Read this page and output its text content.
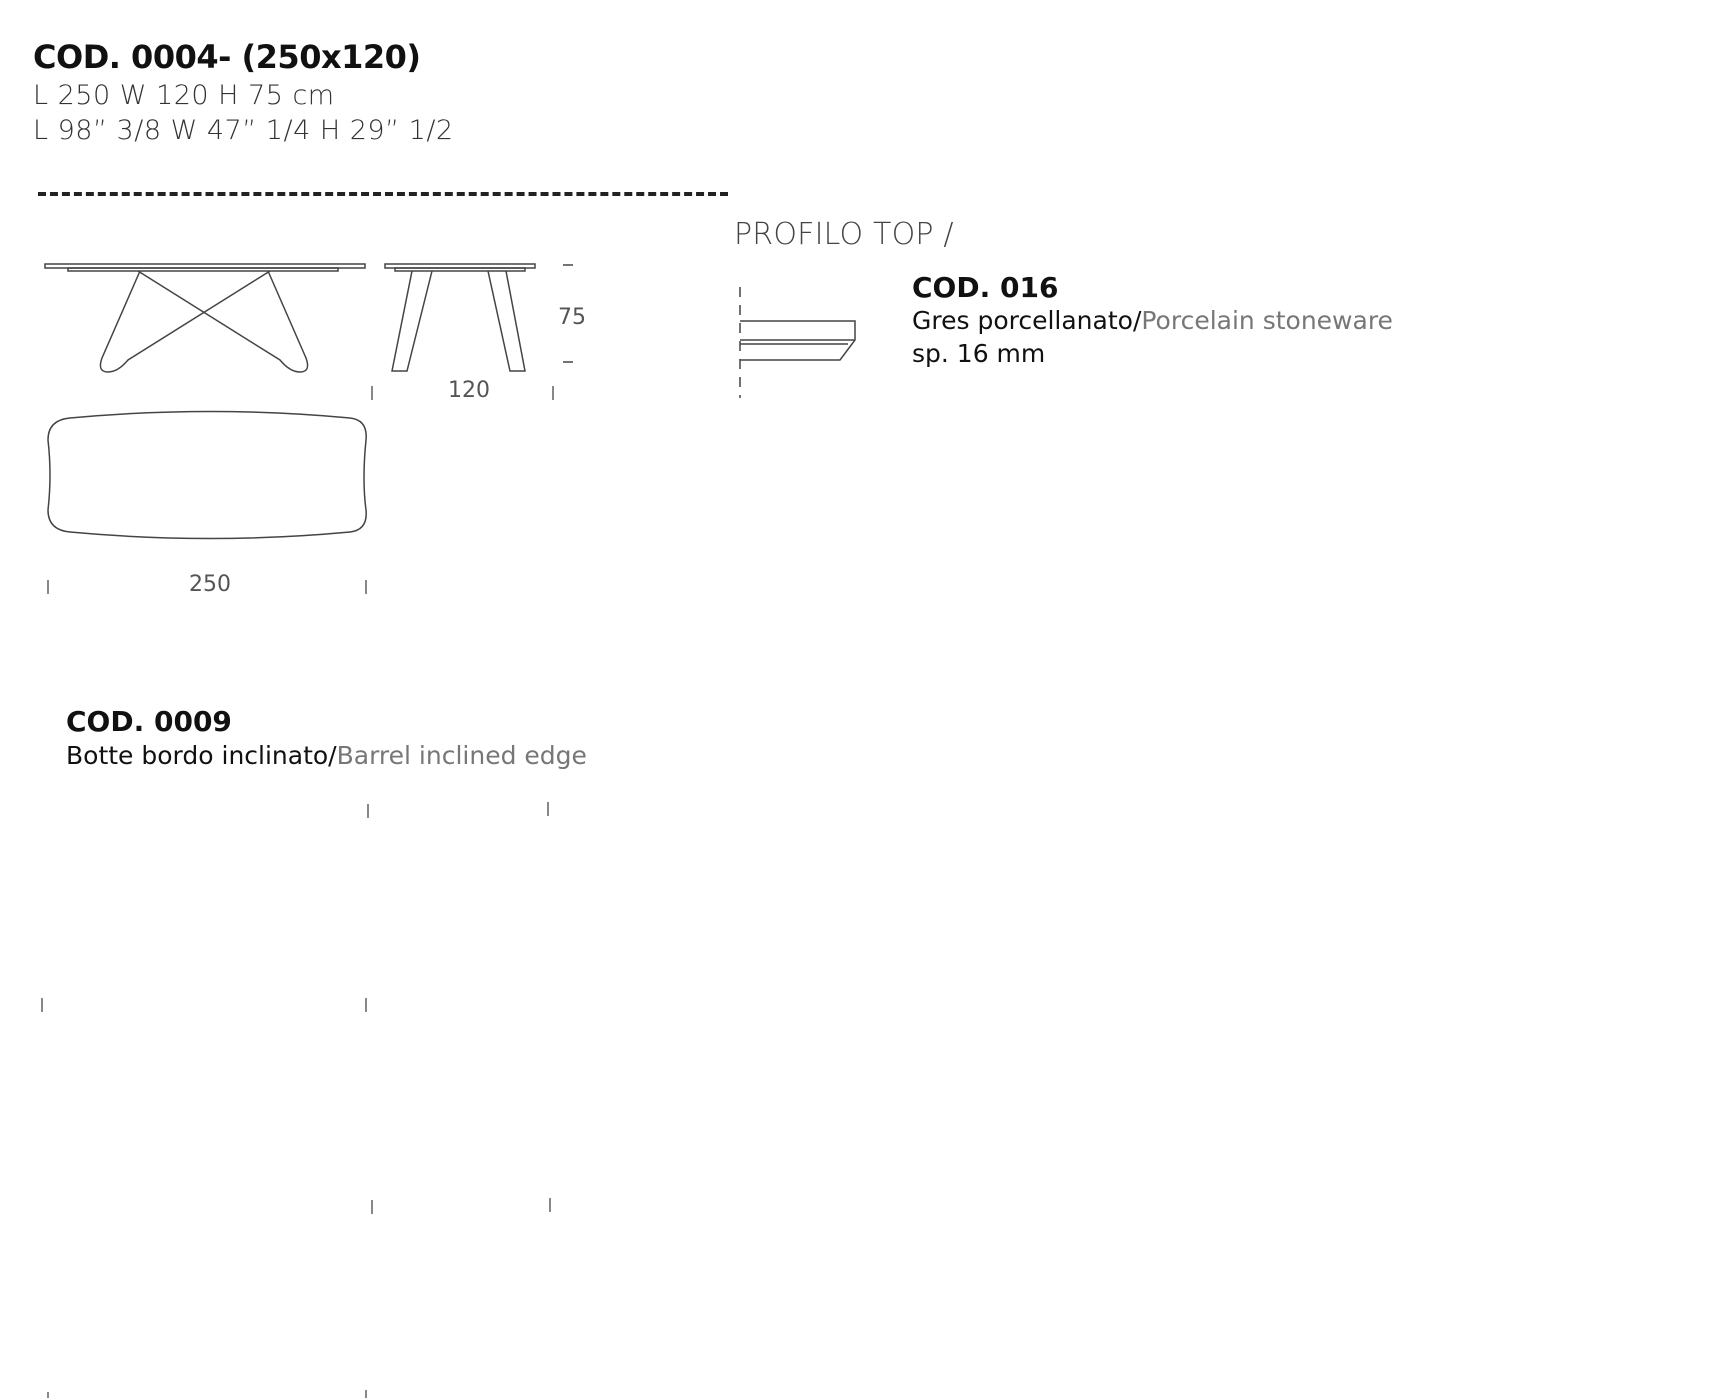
COD. 0004- (250x120)
L 250 W 120 H 75 cm
L 98” 3/8 W 47” 1/4 H 29” 1/2
75
120
250
PROFILO TOP /
COD. 016
Gres porcellanato/Porcelain stoneware
sp. 16 mm
COD. 0009
Botte bordo inclinato/Barrel inclined edge
